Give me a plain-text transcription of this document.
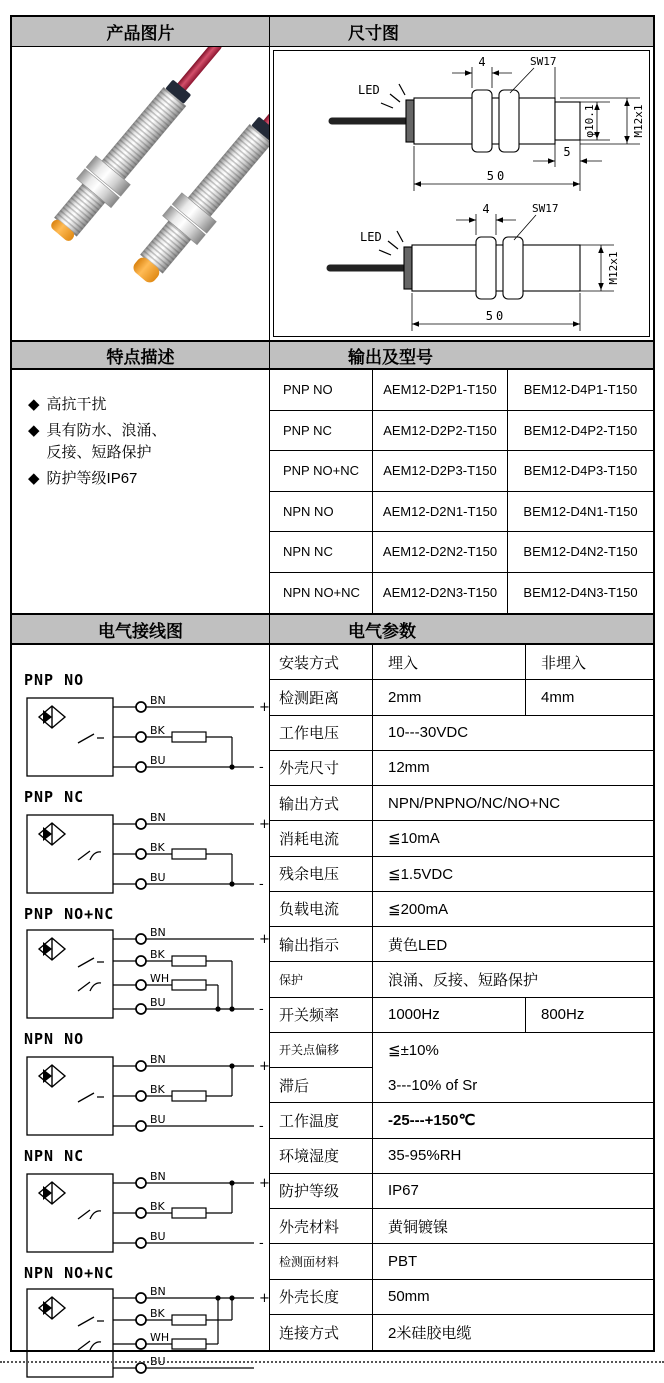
产品图片	尺寸图
4	SW17
LED
φ10.1	M12x1
5
50
4	SW17
LED
M12x1
50
特点描述	输出及型号
◆ 高抗干扰
◆ 具有防水、浪涌、反接、短路保护
◆ 防护等级IP67
PNP NO	AEM12-D2P1-T150	BEM12-D4P1-T150
PNP NC	AEM12-D2P2-T150	BEM12-D4P2-T150
PNP NO+NC	AEM12-D2P3-T150	BEM12-D4P3-T150
NPN NO	AEM12-D2N1-T150	BEM12-D4N1-T150
NPN NC	AEM12-D2N2-T150	BEM12-D4N2-T150
NPN NO+NC	AEM12-D2N3-T150	BEM12-D4N3-T150
电气接线图	电气参数
PNP NO
BN	+
BK
BU	-
PNP NC
BN	+
BK
BU	-
PNP NO+NC
BN	+
BK
WH
BU	-
NPN NO
BN	+
BK
BU	-
NPN NC
BN	+
BK
BU	-
NPN NO+NC
BN	+
BK
WH
BU
安装方式	埋入	非埋入
检测距离	2mm	4mm
工作电压	10---30VDC
外壳尺寸	12mm
输出方式	NPN/PNPNO/NC/NO+NC
消耗电流	≦10mA
残余电压	≦1.5VDC
负载电流	≦200mA
输出指示	黄色LED
保护	浪涌、反接、短路保护
开关频率	1000Hz	800Hz
开关点偏移	≦±10%
滞后	3---10% of Sr
工作温度	-25---+150℃
环境湿度	35-95%RH
防护等级	IP67
外壳材料	黄铜镀镍
检测面材料	PBT
外壳长度	50mm
连接方式	2米硅胶电缆
